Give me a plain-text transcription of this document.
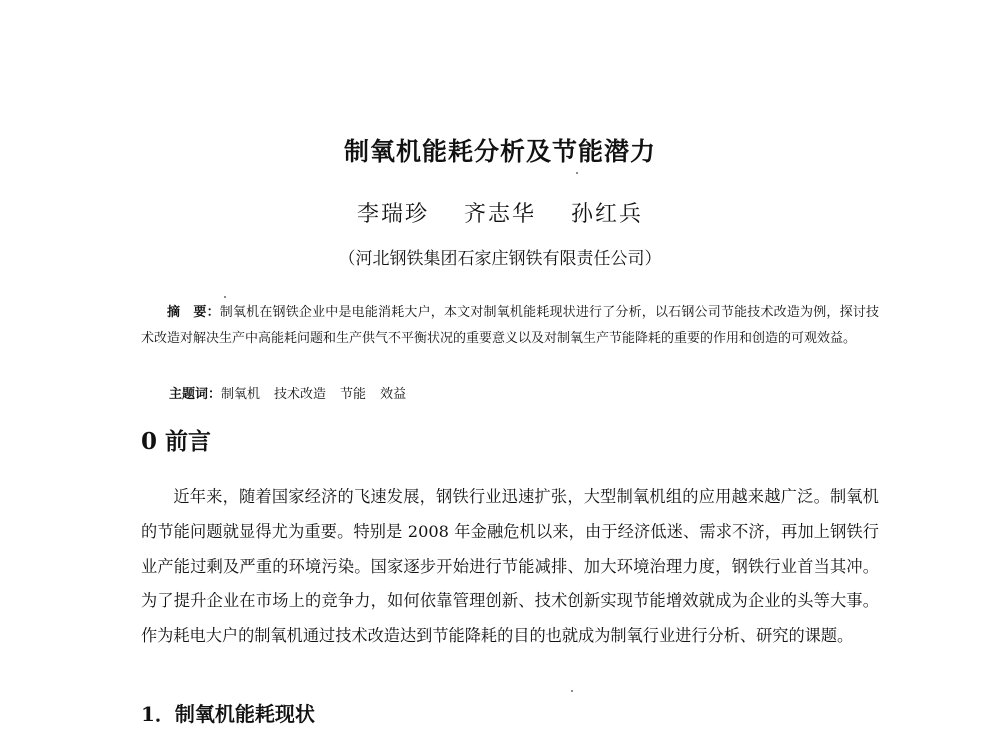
制氧机能耗分析及节能潜力
李瑞珍 齐志华 孙红兵
（河北钢铁集团石家庄钢铁有限责任公司）

摘　要：制氧机在钢铁企业中是电能消耗大户，本文对制氧机能耗现状进行了分析，以石钢公司节能技术改造为例，探讨技术改造对解决生产中高能耗问题和生产供气不平衡状况的重要意义以及对制氧生产节能降耗的重要的作用和创造的可观效益。

主题词：制氧机 技术改造 节能 效益
0 前言

近年来，随着国家经济的飞速发展，钢铁行业迅速扩张，大型制氧机组的应用越来越广泛。制氧机的节能问题就显得尤为重要。特别是 2008 年金融危机以来，由于经济低迷、需求不济，再加上钢铁行业产能过剩及严重的环境污染。国家逐步开始进行节能减排、加大环境治理力度，钢铁行业首当其冲。为了提升企业在市场上的竞争力，如何依靠管理创新、技术创新实现节能增效就成为企业的头等大事。作为耗电大户的制氧机通过技术改造达到节能降耗的目的也就成为制氧行业进行分析、研究的课题。

1．制氧机能耗现状
